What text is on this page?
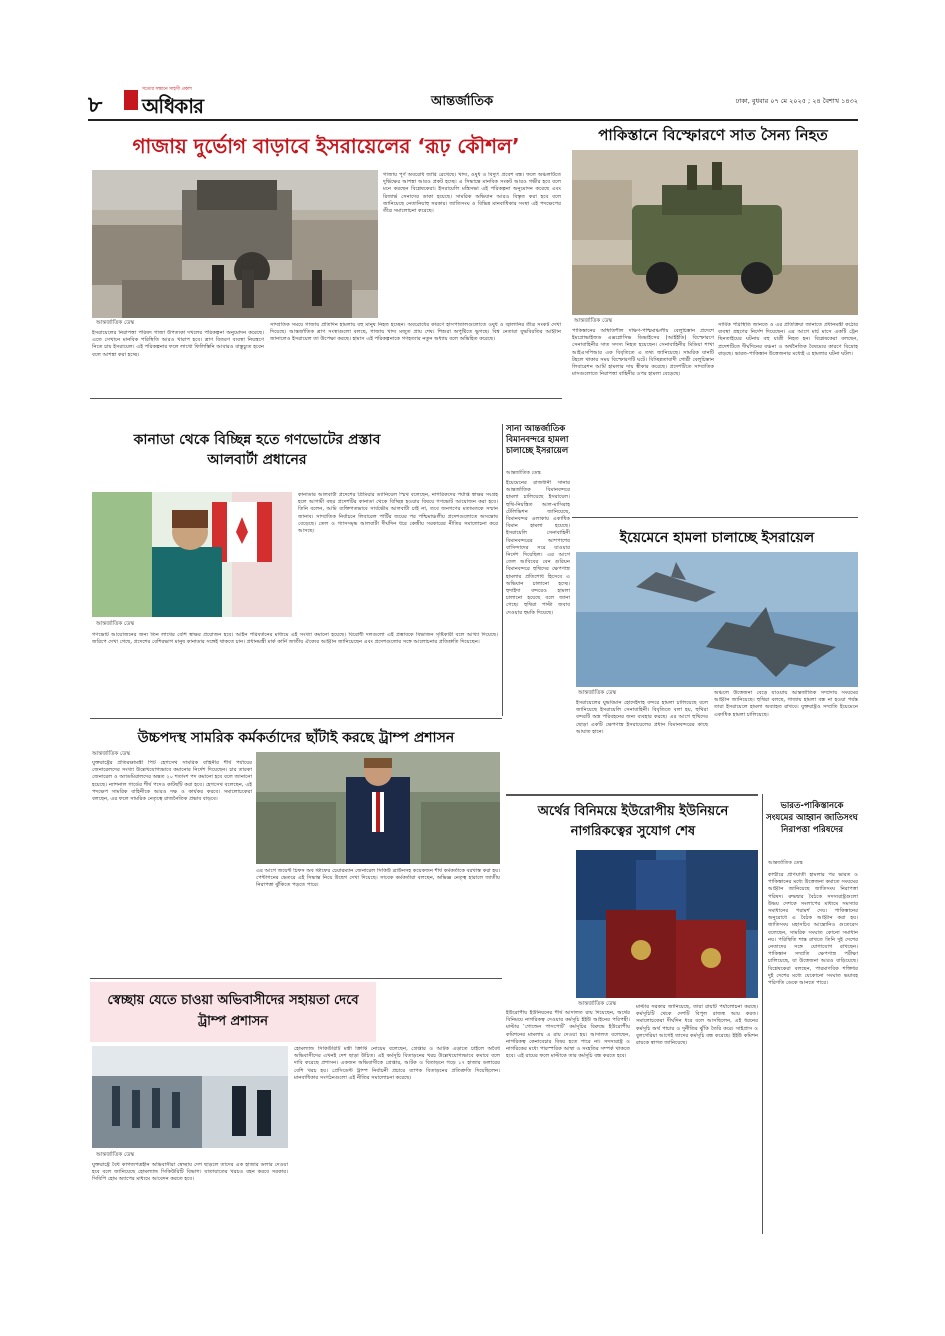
৮
সত্যের সন্ধানে সাহসী প্রকাশ
অধিকার	আন্তর্জাতিক	ঢাকা, বুধবার ০৭ মে ২০২৫ ; ২৪ বৈশাখ ১৪৩২
গাজায় দুর্ভোগ বাড়াবে ইসরায়েলের ‘রূঢ় কৌশল’
আন্তর্জাতিক ডেস্ক
গাজায় পূর্ণ অবরোধ জারি রেখেছে। খাদ্য, ওষুধ ও বিদ্যুৎ প্রবেশ বন্ধ। ফলে অঞ্চলটিতে দুর্ভিক্ষের আশঙ্কা আরও প্রকট হচ্ছে। এ সিদ্ধান্তে মানবিক সংকট আরও গভীর হবে বলে মনে করছেন বিশ্লেষকেরা। ইসরায়েলি মন্ত্রিসভা এই পরিকল্পনা অনুমোদন করেছে এবং রিজার্ভ সেনাদের ডাকা হয়েছে। সামরিক অভিযান আরও বিস্তৃত করা হবে বলে জানিয়েছে নেতানিয়াহু সরকার। জাতিসংঘ ও বিভিন্ন মানবাধিকার সংস্থা এই পদক্ষেপের তীব্র সমালোচনা করেছে।
ইসরায়েলের নিরাপত্তা পরিষদ গাজা উপত্যকা দখলের পরিকল্পনা অনুমোদন করেছে। এতে সেখানে মানবিক পরিস্থিতি আরও খারাপ হবে। ত্রাণ বিতরণ ব্যবস্থা নিয়ন্ত্রণে নিতে চায় ইসরায়েল। এই পরিকল্পনার ফলে লাখো ফিলিস্তিনি আবারও বাস্তুচ্যুত হবেন বলে আশঙ্কা করা হচ্ছে।
সাম্প্রতিক সময়ে গাজায় প্রতিদিন হামলায় বহু মানুষ নিহত হচ্ছেন। অবরোধের কারণে হাসপাতালগুলোতে ওষুধ ও জ্বালানির তীব্র সংকট দেখা দিয়েছে। আন্তর্জাতিক ত্রাণ সংস্থাগুলো বলছে, গাজায় খাদ্য মজুত প্রায় শেষ। শিশুরা অপুষ্টিতে ভুগছে। বিশ্ব নেতারা যুদ্ধবিরতির আহ্বান জানালেও ইসরায়েল তা উপেক্ষা করছে। হামাস এই পরিকল্পনাকে গণহত্যার নতুন অধ্যায় বলে অভিহিত করেছে।
পাকিস্তানে বিস্ফোরণে সাত সৈন্য নিহত
আন্তর্জাতিক ডেস্ক
পাকিস্তানের অস্থিতিশীল দক্ষিণ-পশ্চিমাঞ্চলীয় বেলুচিস্তান প্রদেশে ইমপ্রোভাইজড এক্সপ্লোসিভ ডিভাইসের (আইইডি) বিস্ফোরণে সেনাবাহিনীর সাত সদস্য নিহত হয়েছেন। সেনাবাহিনীর মিডিয়া শাখা আইএসপিআর এক বিবৃতিতে এ তথ্য জানিয়েছে। সামরিক যানটি টহলে থাকার সময় বিস্ফোরণটি ঘটে। বিচ্ছিন্নতাবাদী গোষ্ঠী বেলুচিস্তান লিবারেশন আর্মি হামলার দায় স্বীকার করেছে। প্রদেশটিতে সাম্প্রতিক মাসগুলোতে নিরাপত্তা বাহিনীর ওপর হামলা বেড়েছে।
সার্বিক পরিস্থিতি জানতে ও এর প্রতিক্রিয়া জানাতে প্রধানমন্ত্রী কঠোর ব্যবস্থা গ্রহণের নির্দেশ দিয়েছেন। এর আগে মার্চ মাসে একটি ট্রেন ছিনতাইয়ের ঘটনায় বহু যাত্রী নিহত হন। বিশ্লেষকেরা বলছেন, প্রদেশটিতে দীর্ঘদিনের বঞ্চনা ও অর্থনৈতিক বৈষম্যের কারণে বিদ্রোহ বাড়ছে। ভারত-পাকিস্তান উত্তেজনার মধ্যেই এ হামলার ঘটনা ঘটল।
কানাডা থেকে বিচ্ছিন্ন হতে গণভোটের প্রস্তাব আলবার্টা প্রধানের
আন্তর্জাতিক ডেস্ক
কানাডার আলবার্টা প্রদেশের প্রিমিয়ার ড্যানিয়েল স্মিথ বলেছেন, নাগরিকদের পর্যাপ্ত স্বাক্ষর সংগ্রহ হলে আগামী বছর প্রদেশটির কানাডা থেকে বিচ্ছিন্ন হওয়ার বিষয়ে গণভোট আয়োজন করা হবে। তিনি বলেন, আমি ব্যক্তিগতভাবে সার্বভৌম আলবার্টা চাই না, তবে জনগণের মতামতকে সম্মান জানাব। সাম্প্রতিক নির্বাচনে লিবারেল পার্টির জয়ের পর পশ্চিমাঞ্চলীয় প্রদেশগুলোতে অসন্তোষ বেড়েছে। তেল ও গ্যাসসমৃদ্ধ আলবার্টা দীর্ঘদিন ধরে কেন্দ্রীয় সরকারের নীতির সমালোচনা করে আসছে।
গণভোট আয়োজনের জন্য তিন লাখের বেশি স্বাক্ষর প্রয়োজন হবে। আইন পরিবর্তনের মাধ্যমে এই সংখ্যা কমানো হয়েছে। বিরোধী দলগুলো এই প্রস্তাবকে বিভাজন সৃষ্টিকারী বলে আখ্যা দিয়েছে। জরিপে দেখা গেছে, প্রদেশের বেশিরভাগ মানুষ কানাডার সঙ্গেই থাকতে চান। প্রধানমন্ত্রী মার্ক কার্নি জাতীয় ঐক্যের আহ্বান জানিয়েছেন এবং প্রদেশগুলোর সঙ্গে আলোচনার প্রতিশ্রুতি দিয়েছেন।
সানা আন্তর্জাতিক বিমানবন্দরে হামলা চালাচ্ছে ইসরায়েল
আন্তর্জাতিক ডেস্ক
ইয়েমেনের রাজধানী সানার আন্তর্জাতিক বিমানবন্দরে হামলা চালিয়েছে ইসরায়েল। হুথি-নিয়ন্ত্রিত আল-মাসিরাহ টেলিভিশন জানিয়েছে, বিমানবন্দর এলাকায় একাধিক বিমান হামলা হয়েছে। ইসরায়েলি সেনাবাহিনী বিমানবন্দরের আশপাশের বাসিন্দাদের সরে যাওয়ার নির্দেশ দিয়েছিল। এর আগে তেল আবিবের বেন গুরিয়ন বিমানবন্দরে হুথিদের ক্ষেপণাস্ত্র হামলার প্রতিশোধ হিসেবে এ অভিযান চালানো হচ্ছে। হুদাইদা বন্দরেও হামলা চালানো হয়েছে বলে জানা গেছে। হুথিরা পাল্টা জবাব দেওয়ার হুমকি দিয়েছে।
ইয়েমেনে হামলা চালাচ্ছে ইসরায়েল
আন্তর্জাতিক ডেস্ক
ইসরায়েলের যুদ্ধবিমান হোদেইদাহ বন্দরে হামলা চালিয়েছে বলে জানিয়েছে ইসরায়েলি সেনাবাহিনী। বিবৃতিতে বলা হয়, হুথিরা বন্দরটি অস্ত্র পরিবহনের জন্য ব্যবহার করছে। এর আগে হুথিদের ছোড়া একটি ক্ষেপণাস্ত্র ইসরায়েলের প্রধান বিমানবন্দরের কাছে আঘাত হানে।
অঞ্চলে উত্তেজনা বেড়ে যাওয়ায় আন্তর্জাতিক সম্প্রদায় সংযমের আহ্বান জানিয়েছে। হুথিরা বলছে, গাজায় হামলা বন্ধ না হওয়া পর্যন্ত তারা ইসরায়েলে হামলা অব্যাহত রাখবে। যুক্তরাষ্ট্রও সম্প্রতি ইয়েমেনে একাধিক হামলা চালিয়েছে।
উচ্চপদস্থ সামরিক কর্মকর্তাদের ছাঁটাই করছে ট্রাম্প প্রশাসন
আন্তর্জাতিক ডেস্ক
যুক্তরাষ্ট্রের প্রতিরক্ষামন্ত্রী পিট হেগসেথ সামরিক বাহিনীর শীর্ষ পর্যায়ের জেনারেলদের সংখ্যা উল্লেখযোগ্যভাবে কমানোর নির্দেশ দিয়েছেন। চার তারকা জেনারেল ও অ্যাডমিরালদের অন্তত ২০ শতাংশ পদ কমানো হবে বলে জানানো হয়েছে। ন্যাশনাল গার্ডের শীর্ষ পদেও কাটছাঁট করা হবে। হেগসেথ বলেছেন, এই পদক্ষেপ সামরিক বাহিনীকে আরও দক্ষ ও কার্যকর করবে। সমালোচকেরা বলছেন, এর ফলে সামরিক নেতৃত্বে রাজনৈতিক প্রভাব বাড়বে।
এর আগে জয়েন্ট চিফস অব স্টাফের চেয়ারম্যান জেনারেল সিকিউ ব্রাউনসহ কয়েকজন শীর্ষ কর্মকর্তাকে বরখাস্ত করা হয়। পেন্টাগনের ভেতরে এই সিদ্ধান্ত নিয়ে উদ্বেগ দেখা দিয়েছে। সাবেক কর্মকর্তারা বলছেন, অভিজ্ঞ নেতৃত্ব হারালে জাতীয় নিরাপত্তা ঝুঁকিতে পড়তে পারে।
অর্থের বিনিময়ে ইউরোপীয় ইউনিয়নে নাগরিকত্বের সুযোগ শেষ
আন্তর্জাতিক ডেস্ক
ইউরোপীয় ইউনিয়নের শীর্ষ আদালত রায় দিয়েছেন, অর্থের বিনিময়ে নাগরিকত্ব দেওয়ার কর্মসূচি ইইউ আইনের পরিপন্থী। মাল্টার ‘গোল্ডেন পাসপোর্ট’ কর্মসূচির বিরুদ্ধে ইউরোপীয় কমিশনের মামলায় এ রায় দেওয়া হয়। আদালত বলেছেন, নাগরিকত্ব কেনাবেচার বিষয় হতে পারে না। সদস্যরাষ্ট্র ও নাগরিকের মধ্যে পারস্পরিক আস্থা ও সংহতির সম্পর্ক থাকতে হবে। এই রায়ের ফলে মাল্টাকে তার কর্মসূচি বন্ধ করতে হবে।
মাল্টার সরকার জানিয়েছে, তারা রায়টি পর্যালোচনা করছে। কর্মসূচিটি থেকে দেশটি বিপুল রাজস্ব আয় করত। সমালোচকেরা দীর্ঘদিন ধরে বলে আসছিলেন, এই ধরনের কর্মসূচি অর্থ পাচার ও দুর্নীতির ঝুঁকি তৈরি করে। সাইপ্রাস ও বুলগেরিয়া আগেই তাদের কর্মসূচি বন্ধ করেছে। ইইউ কমিশন রায়কে স্বাগত জানিয়েছে।
ভারত-পাকিস্তানকে সংযমের আহ্বান জাতিসংঘ নিরাপত্তা পরিষদের
আন্তর্জাতিক ডেস্ক
কাশ্মীরে প্রাণঘাতী হামলার পর ভারত ও পাকিস্তানের মধ্যে উত্তেজনা কমাতে সংযমের আহ্বান জানিয়েছে জাতিসংঘ নিরাপত্তা পরিষদ। রুদ্ধদ্বার বৈঠকে সদস্যরাষ্ট্রগুলো উভয় দেশকে সংলাপের মাধ্যমে সমস্যার সমাধানের পরামর্শ দেয়। পাকিস্তানের অনুরোধে এ বৈঠক আহ্বান করা হয়। জাতিসংঘ মহাসচিব আন্তোনিও গুতেরেস বলেছেন, সামরিক সংঘাত কোনো সমাধান নয়। পরিস্থিতি শান্ত রাখতে তিনি দুই দেশের নেতাদের সঙ্গে যোগাযোগ রাখছেন। পাকিস্তান সম্প্রতি ক্ষেপণাস্ত্র পরীক্ষা চালিয়েছে, যা উত্তেজনা আরও বাড়িয়েছে। বিশ্লেষকেরা বলছেন, পারমাণবিক শক্তিধর দুই দেশের মধ্যে যেকোনো সংঘাত ভয়াবহ পরিণতি ডেকে আনতে পারে।
স্বেচ্ছায় যেতে চাওয়া অভিবাসীদের সহায়তা দেবে ট্রাম্প প্রশাসন
আন্তর্জাতিক ডেস্ক
যুক্তরাষ্ট্রে বৈধ কাগজপত্রহীন অভিবাসীরা স্বেচ্ছায় দেশ ছাড়লে তাদের এক হাজার ডলার দেওয়া হবে বলে জানিয়েছে হোমল্যান্ড সিকিউরিটি বিভাগ। যাতায়াতের খরচও বহন করবে সরকার। সিবিপি হোম অ্যাপের মাধ্যমে আবেদন করতে হবে।
হোমল্যান্ড সিকিউরিটি মন্ত্রী ক্রিস্টি নোয়েম বলেছেন, গ্রেপ্তার ও আটক এড়াতে চাইলে অবৈধ অভিবাসীদের এখনই দেশ ছাড়া উচিত। এই কর্মসূচি বিতাড়নের খরচ উল্লেখযোগ্যভাবে কমাবে বলে দাবি করেছে প্রশাসন। একজন অভিবাসীকে গ্রেপ্তার, আটক ও বিতাড়নে গড়ে ১৭ হাজার ডলারের বেশি খরচ হয়। প্রেসিডেন্ট ট্রাম্প নির্বাচনী প্রচারে ব্যাপক বিতাড়নের প্রতিশ্রুতি দিয়েছিলেন। মানবাধিকার সংগঠনগুলো এই নীতির সমালোচনা করেছে।
